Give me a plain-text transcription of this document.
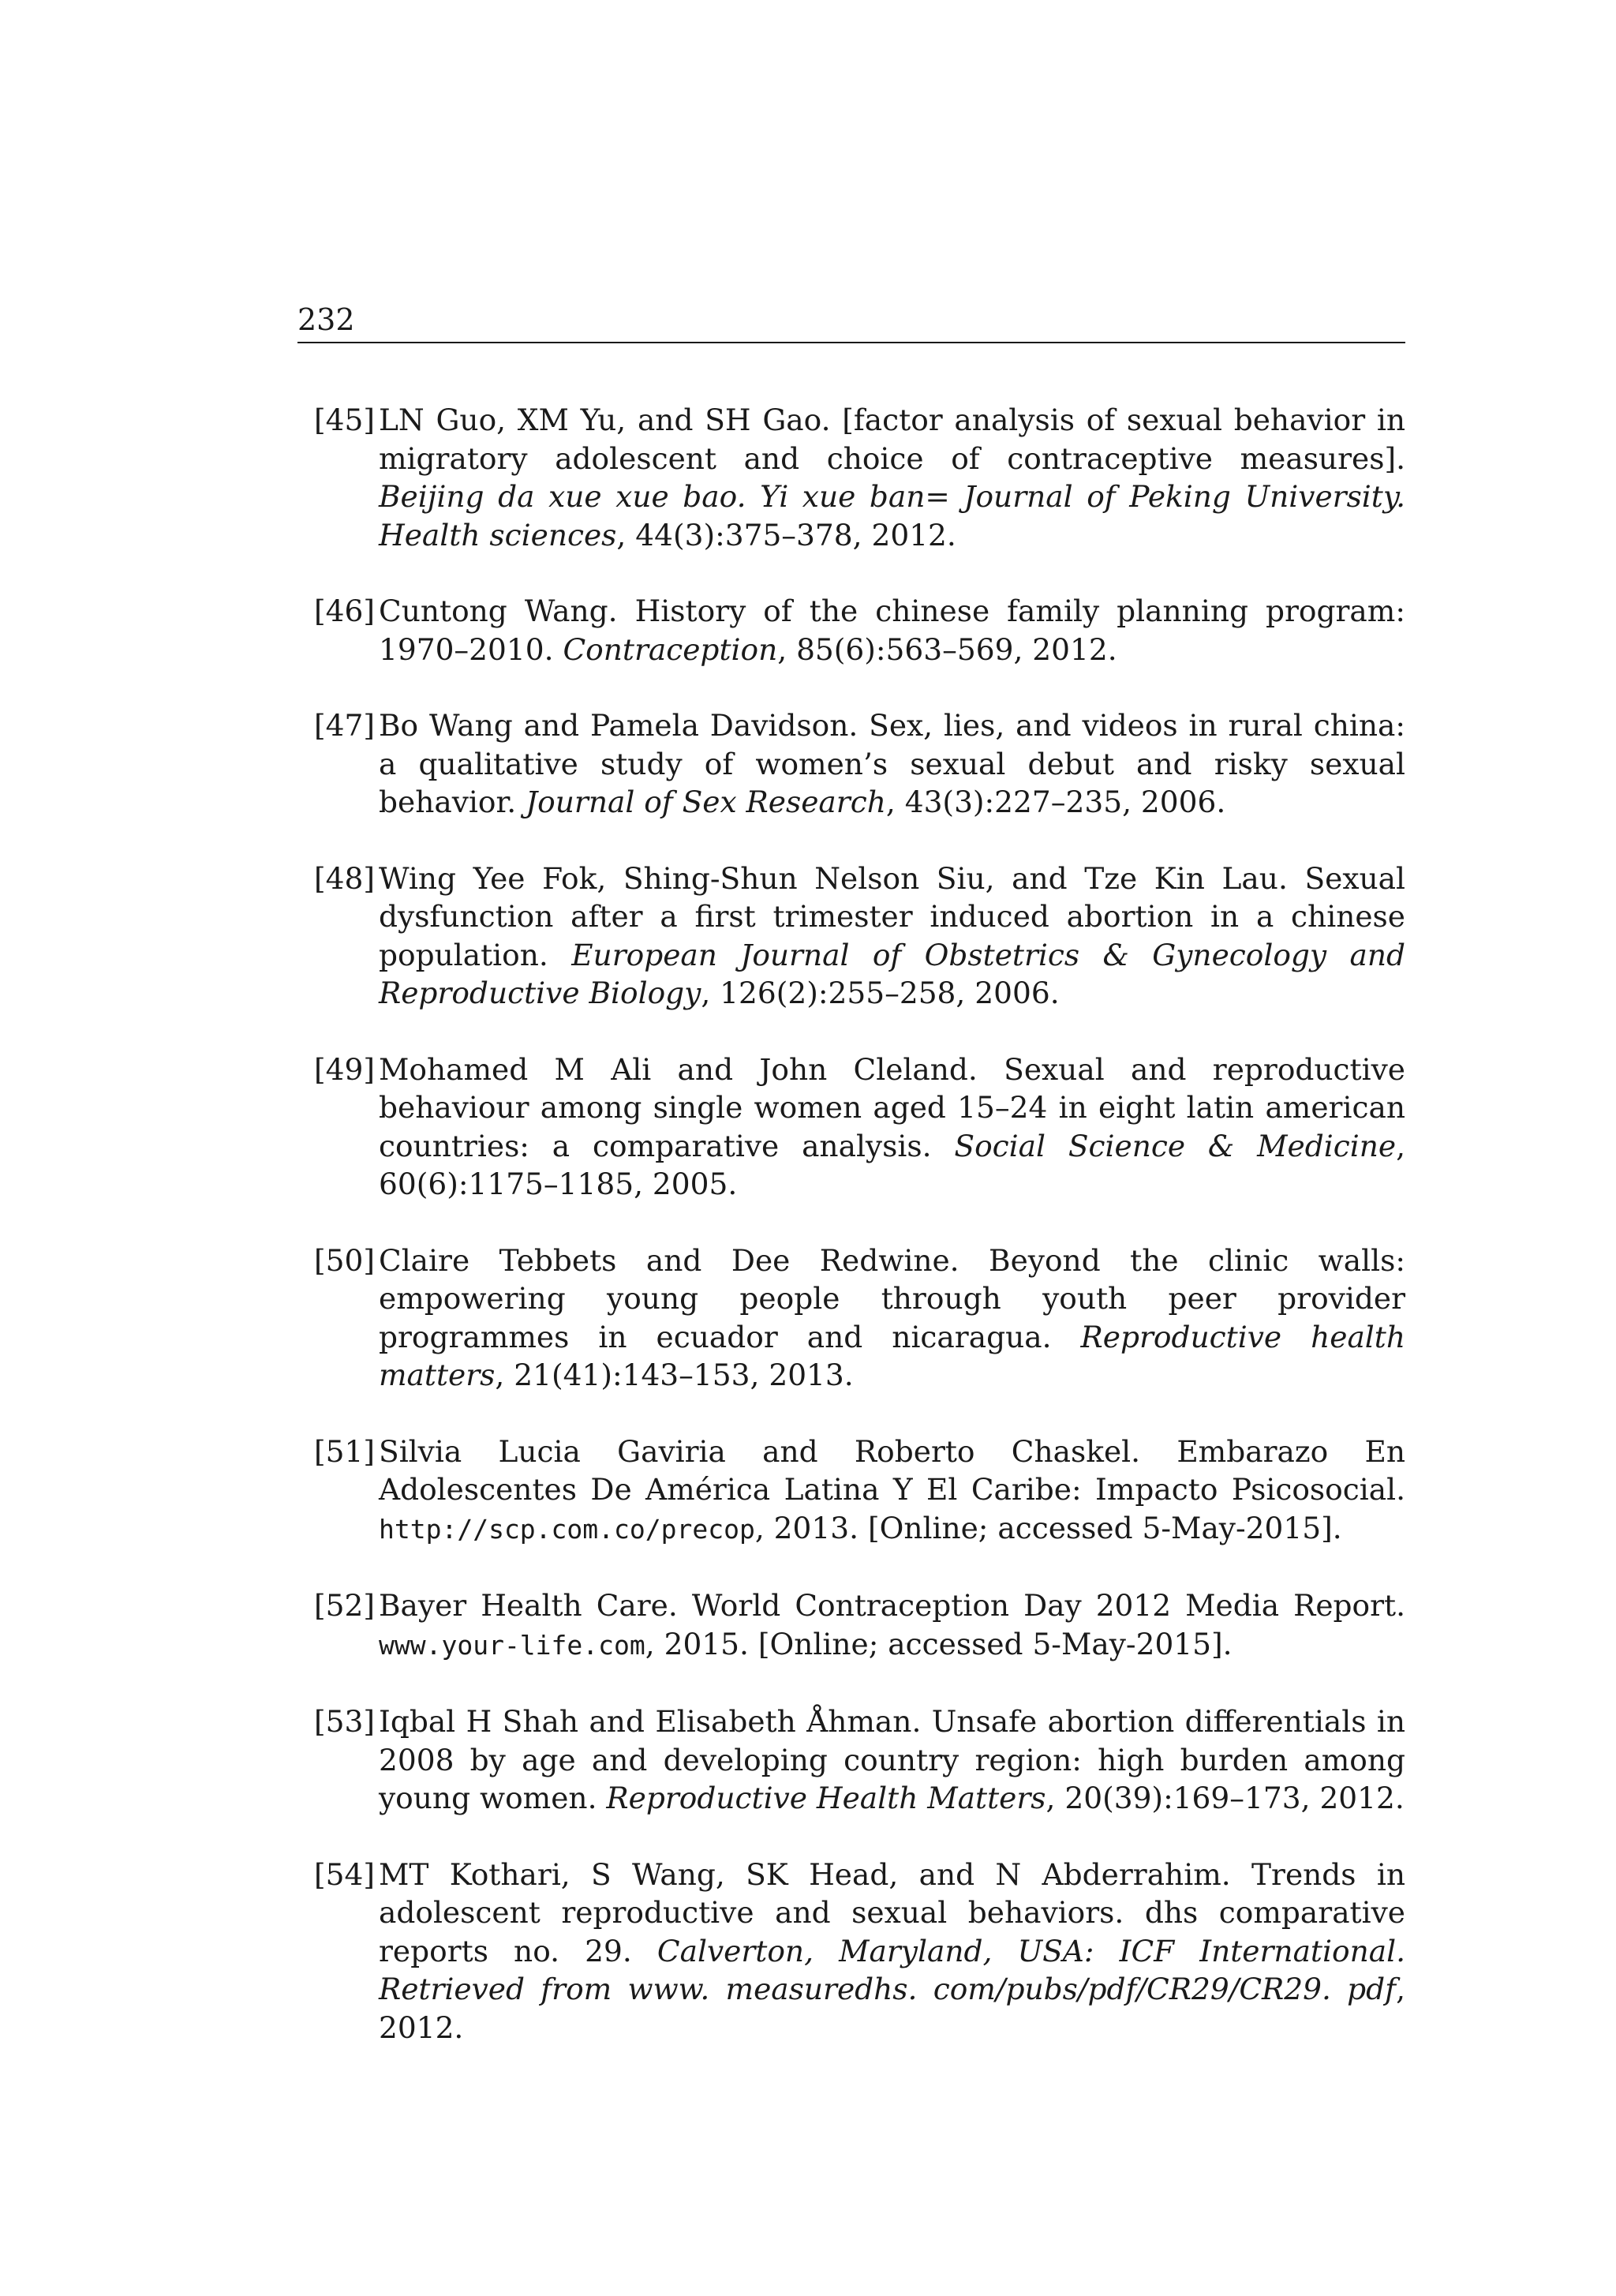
232
[45] LN Guo, XM Yu, and SH Gao. [factor analysis of sexual behavior in migratory adolescent and choice of contraceptive measures]. Beijing da xue xue bao. Yi xue ban= Journal of Peking University. Health sciences, 44(3):375–378, 2012.
[46] Cuntong Wang. History of the chinese family planning program: 1970–2010. Contraception, 85(6):563–569, 2012.
[47] Bo Wang and Pamela Davidson. Sex, lies, and videos in rural china: a qualitative study of women’s sexual debut and risky sexual behavior. Journal of Sex Research, 43(3):227–235, 2006.
[48] Wing Yee Fok, Shing-Shun Nelson Siu, and Tze Kin Lau. Sexual dysfunction after a first trimester induced abortion in a chinese population. European Journal of Obstetrics & Gynecology and Reproductive Biology, 126(2):255–258, 2006.
[49] Mohamed M Ali and John Cleland. Sexual and reproductive behaviour among single women aged 15–24 in eight latin american countries: a comparative analysis. Social Science & Medicine, 60(6):1175–1185, 2005.
[50] Claire Tebbets and Dee Redwine. Beyond the clinic walls: empowering young people through youth peer provider programmes in ecuador and nicaragua. Reproductive health matters, 21(41):143–153, 2013.
[51] Silvia Lucia Gaviria and Roberto Chaskel. Embarazo En Adolescentes De América Latina Y El Caribe: Impacto Psicosocial. http://scp.com.co/precop, 2013. [Online; accessed 5-May-2015].
[52] Bayer Health Care. World Contraception Day 2012 Media Report. www.your-life.com, 2015. [Online; accessed 5-May-2015].
[53] Iqbal H Shah and Elisabeth Åhman. Unsafe abortion differentials in 2008 by age and developing country region: high burden among young women. Reproductive Health Matters, 20(39):169–173, 2012.
[54] MT Kothari, S Wang, SK Head, and N Abderrahim. Trends in adolescent reproductive and sexual behaviors. dhs comparative reports no. 29. Calverton, Maryland, USA: ICF International. Retrieved from www. measuredhs. com/pubs/pdf/CR29/CR29. pdf, 2012.
